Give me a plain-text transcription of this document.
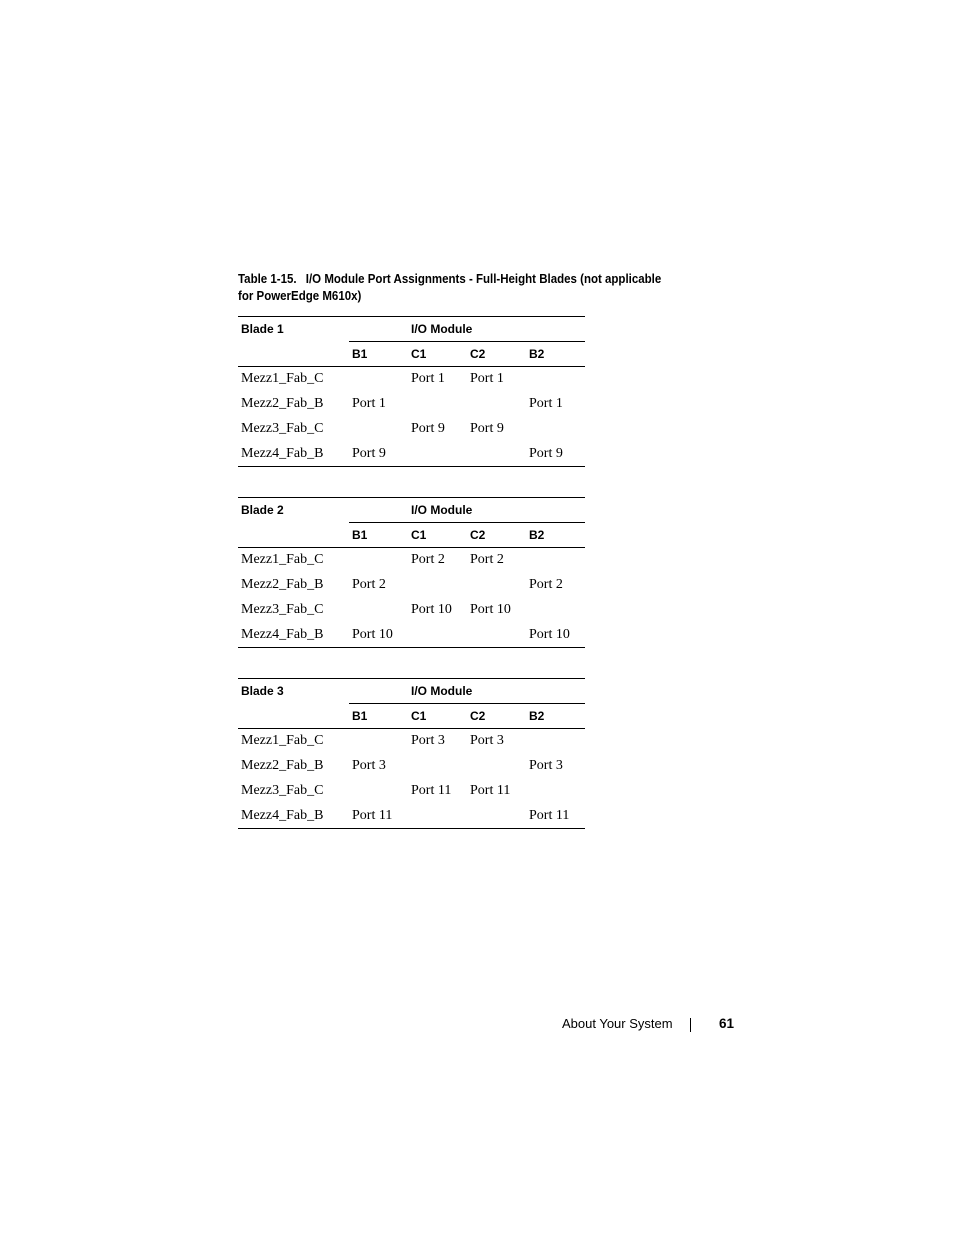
Table 1-15. I/O Module Port Assignments - Full-Height Blades (not applicable for PowerEdge M610x)
Blade 1	I/O Module			
	B1	C1	C2	B2
Mezz1_Fab_C		Port 1	Port 1	
Mezz2_Fab_B	Port 1			Port 1
Mezz3_Fab_C		Port 9	Port 9	
Mezz4_Fab_B	Port 9			Port 9
Blade 2	I/O Module			
	B1	C1	C2	B2
Mezz1_Fab_C		Port 2	Port 2	
Mezz2_Fab_B	Port 2			Port 2
Mezz3_Fab_C		Port 10	Port 10	
Mezz4_Fab_B	Port 10			Port 10
Blade 3	I/O Module			
	B1	C1	C2	B2
Mezz1_Fab_C		Port 3	Port 3	
Mezz2_Fab_B	Port 3			Port 3
Mezz3_Fab_C		Port 11	Port 11	
Mezz4_Fab_B	Port 11			Port 11
About Your System	61
